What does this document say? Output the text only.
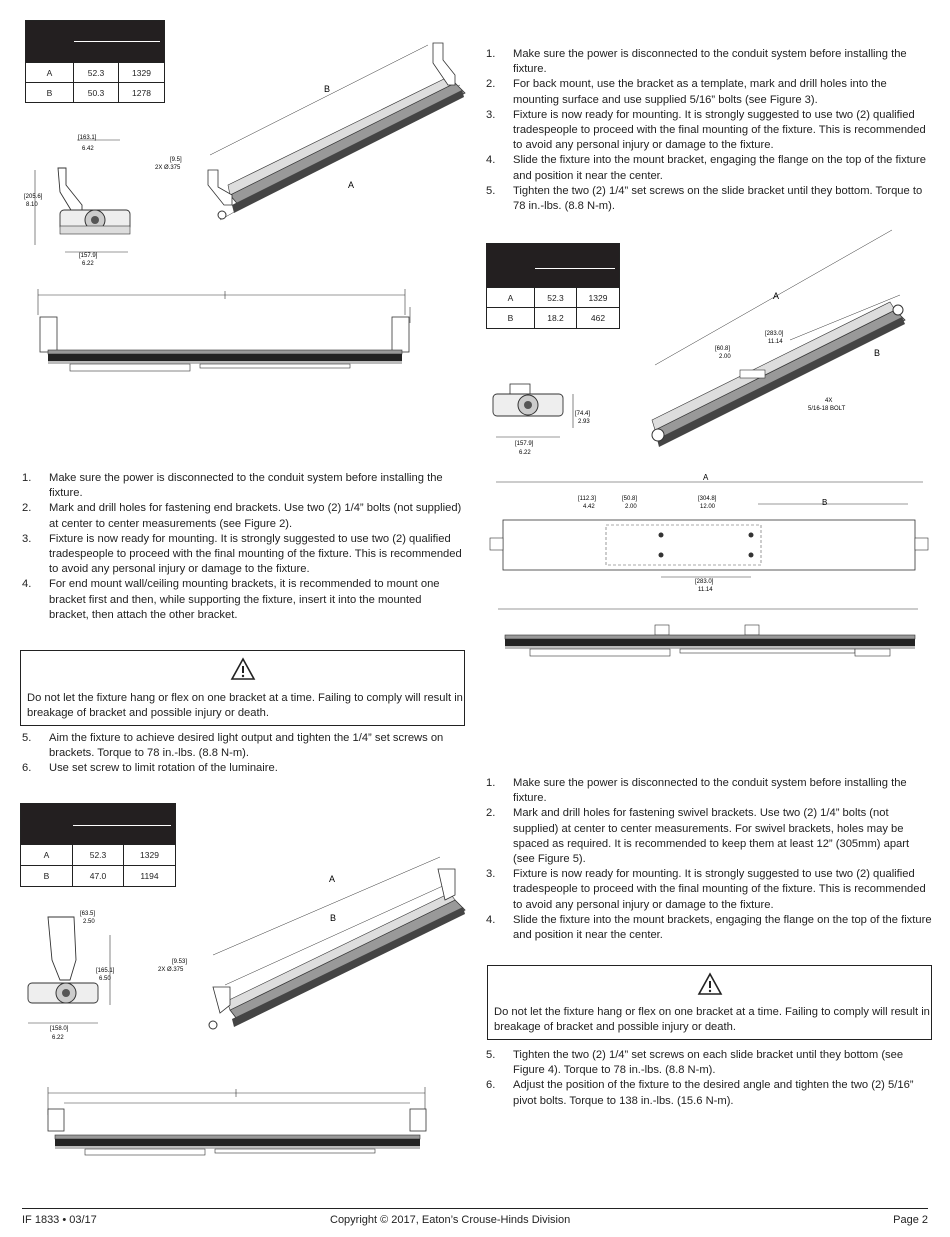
A	52.3	1329
B	50.3	1278
A	52.3	1329
B	18.2	462
A	52.3	1329
B	47.0	1194
[163.1]
6.42
[205.6]
8.10
[157.9]
6.22
B
A
[9.5]
2X Ø.375
1.	Make sure the power is disconnected to the conduit system before installing the fixture.
2.	Mark and drill holes for fastening end brackets. Use two (2) 1/4” bolts (not supplied) at center to center measurements (see Figure 2).
3.	Fixture is now ready for mounting. It is strongly suggested to use two (2) qualified tradespeople to proceed with the final mounting of the fixture. This is recommended to avoid any personal injury or damage to the fixture.
4.	For end mount wall/ceiling mounting brackets, it is recommended to mount one bracket first and then, while supporting the fixture, insert it into the mounted bracket, then attach the other bracket.
Do not let the fixture hang or flex on one bracket at a time. Failing to comply will result in breakage of bracket and possible injury or death.
5.	Aim the fixture to achieve desired light output and tighten the 1/4” set screws on brackets. Torque to 78 in.-lbs. (8.8 N-m).
6.	Use set screw to limit rotation of the luminaire.
[63.5]
2.50
[165.1]
6.50
[158.0]
6.22
A
B
[9.53]
2X Ø.375
1.	Make sure the power is disconnected to the conduit system before installing the fixture.
2.	For back mount, use the bracket as a template, mark and drill holes into the mounting surface and use supplied 5/16” bolts (see Figure 3).
3.	Fixture is now ready for mounting. It is strongly suggested to use two (2) qualified tradespeople to proceed with the final mounting of the fixture. This is recommended to avoid any personal injury or damage to the fixture.
4.	Slide the fixture into the mount bracket, engaging the flange on the top of the fixture and position it near the center.
5.	Tighten the two (2) 1/4” set screws on the slide bracket until they bottom. Torque to 78 in.-lbs. (8.8 N-m).
[74.4]
2.93
[157.9]
6.22
A
B
[60.8]
2.00
[283.0]
11.14
4X
5/16-18 BOLT
A
B
[112.3]
4.42
[50.8]
2.00
[304.8]
12.00
[283.0]
11.14
1.	Make sure the power is disconnected to the conduit system before installing the fixture.
2.	Mark and drill holes for fastening swivel brackets. Use two (2) 1/4” bolts (not supplied) at center to center measurements. For swivel brackets, holes may be spaced as required. It is recommended to keep them at least 12” (305mm) apart (see Figure 5).
3.	Fixture is now ready for mounting. It is strongly suggested to use two (2) qualified tradespeople to proceed with the final mounting of the fixture. This is recommended to avoid any personal injury or damage to the fixture.
4.	Slide the fixture into the mount brackets, engaging the flange on the top of the fixture and position it near the center.
Do not let the fixture hang or flex on one bracket at a time. Failing to comply will result in breakage of bracket and possible injury or death.
5.	Tighten the two (2) 1/4” set screws on each slide bracket until they bottom (see Figure 4). Torque to 78 in.-lbs. (8.8 N-m).
6.	Adjust the position of the fixture to the desired angle and tighten the two (2) 5/16” pivot bolts. Torque to 138 in.-lbs. (15.6 N-m).
IF 1833 • 03/17	Copyright © 2017, Eaton’s Crouse-Hinds Division	Page 2
